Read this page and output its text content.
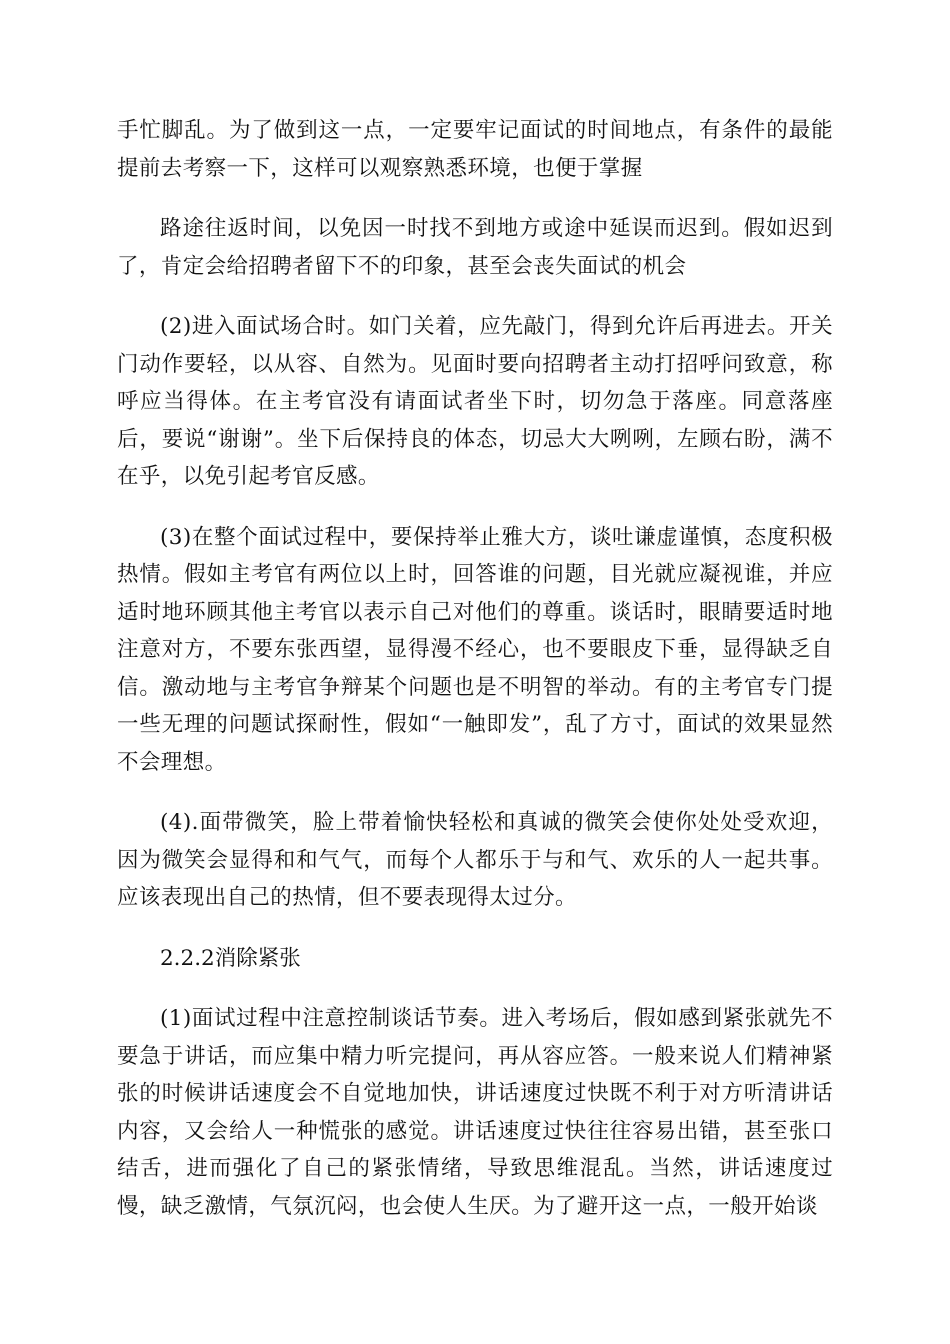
手忙脚乱。为了做到这一点，一定要牢记面试的时间地点，有条件的最能提前去考察一下，这样可以观察熟悉环境，也便于掌握

路途往返时间，以免因一时找不到地方或途中延误而迟到。假如迟到了，肯定会给招聘者留下不的印象，甚至会丧失面试的机会

(2)进入面试场合时。如门关着，应先敲门，得到允许后再进去。开关门动作要轻，以从容、自然为。见面时要向招聘者主动打招呼问致意，称呼应当得体。在主考官没有请面试者坐下时，切勿急于落座。同意落座后，要说“谢谢”。坐下后保持良的体态，切忌大大咧咧，左顾右盼，满不在乎，以免引起考官反感。

(3)在整个面试过程中，要保持举止雅大方，谈吐谦虚谨慎，态度积极热情。假如主考官有两位以上时，回答谁的问题，目光就应凝视谁，并应适时地环顾其他主考官以表示自己对他们的尊重。谈话时，眼睛要适时地注意对方，不要东张西望，显得漫不经心，也不要眼皮下垂，显得缺乏自信。激动地与主考官争辩某个问题也是不明智的举动。有的主考官专门提一些无理的问题试探耐性，假如“一触即发”，乱了方寸，面试的效果显然不会理想。

(4).面带微笑，脸上带着愉快轻松和真诚的微笑会使你处处受欢迎，因为微笑会显得和和气气，而每个人都乐于与和气、欢乐的人一起共事。应该表现出自己的热情，但不要表现得太过分。

2.2.2消除紧张

(1)面试过程中注意控制谈话节奏。进入考场后，假如感到紧张就先不要急于讲话，而应集中精力听完提问，再从容应答。一般来说人们精神紧张的时候讲话速度会不自觉地加快，讲话速度过快既不利于对方听清讲话内容，又会给人一种慌张的感觉。讲话速度过快往往容易出错，甚至张口结舌，进而强化了自己的紧张情绪，导致思维混乱。当然，讲话速度过慢，缺乏激情，气氛沉闷，也会使人生厌。为了避开这一点，一般开始谈
